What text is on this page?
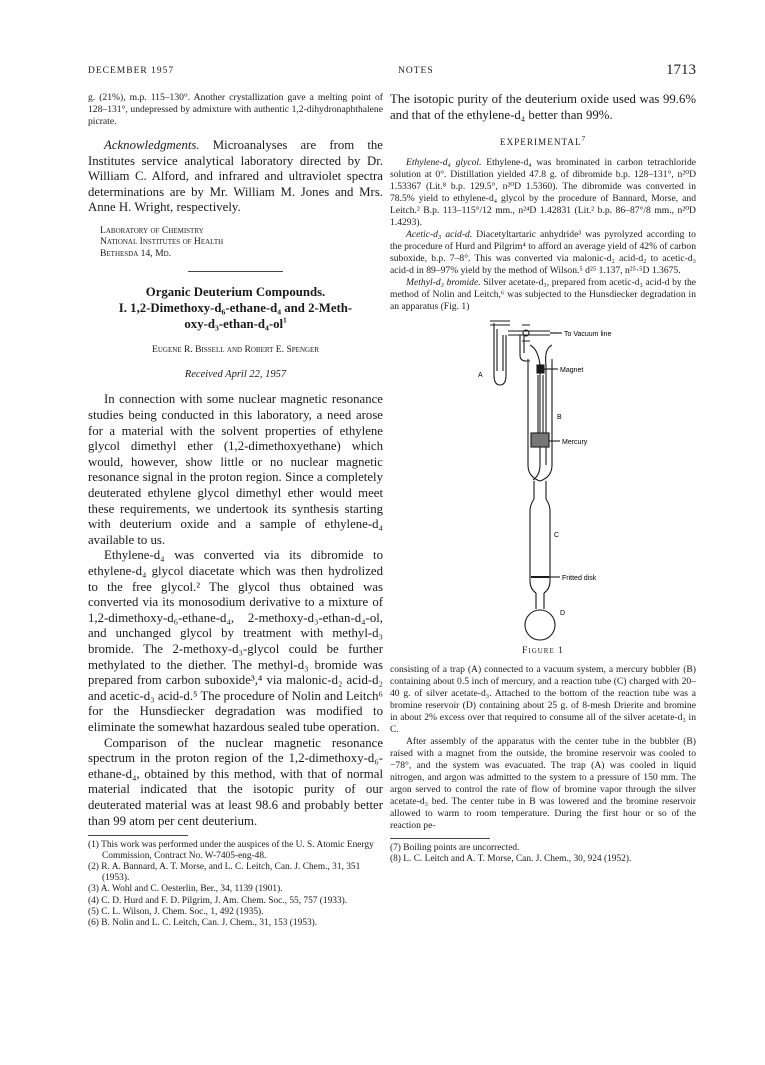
DECEMBER 1957	NOTES	1713

g. (21%), m.p. 115–130°. Another crystallization gave a melting point of 128–131°, undepressed by admixture with authentic 1,2-dihydronaphthalene picrate.

Acknowledgments. Microanalyses are from the Institutes service analytical laboratory directed by Dr. William C. Alford, and infrared and ultraviolet spectra determinations are by Mr. William M. Jones and Mrs. Anne H. Wright, respectively.

Laboratory of Chemistry
National Institutes of Health
Bethesda 14, Md.
Organic Deuterium Compounds.
I. 1,2-Dimethoxy-d₆-ethane-d₄ and 2-Meth-
oxy-$d_3-ethan-d_4-ol^1$
Eugene R. Bissell and Robert E. Spenger
Received April 22, 1957

In connection with some nuclear magnetic resonance studies being conducted in this laboratory, a need arose for a material with the solvent properties of ethylene glycol dimethyl ether (1,2-dimethoxyethane) which would, however, show little or no nuclear magnetic resonance signal in the proton region. Since a completely deuterated ethylene glycol dimethyl ether would meet these requirements, we undertook its synthesis starting with deuterium oxide and a sample of ethylene-d₄ available to us.

Ethylene-d₄ was converted via its dibromide to ethylene-d₄ glycol diacetate which was then hydrolized to the free glycol.² The glycol thus obtained was converted via its monosodium derivative to a mixture of 1,2-dimethoxy-d₆-ethane-d₄, 2-methoxy-d₃-ethan-d₄-ol, and unchanged glycol by treatment with methyl-d₃ bromide. The 2-methoxy-d₃-glycol could be further methylated to the diether. The methyl-d₃ bromide was prepared from carbon suboxide³,⁴ via malonic-d₂ acid-d₂ and acetic-d₃ acid-d.⁵ The procedure of Nolin and Leitch⁶ for the Hunsdiecker degradation was modified to eliminate the somewhat hazardous sealed tube operation.

Comparison of the nuclear magnetic resonance spectrum in the proton region of the 1,2-dimethoxy-d₆-ethane-d₄, obtained by this method, with that of normal material indicated that the isotopic purity of our deuterated material was at least 98.6 and probably better than 99 atom per cent deuterium.

(1) This work was performed under the auspices of the U. S. Atomic Energy Commission, Contract No. W-7405-eng-48.

(2) R. A. Bannard, A. T. Morse, and L. C. Leitch, Can. J. Chem., 31, 351 (1953).

(3) A. Wohl and C. Oesterlin, Ber., 34, 1139 (1901).

(4) C. D. Hurd and F. D. Pilgrim, J. Am. Chem. Soc., 55, 757 (1933).

(5) C. L. Wilson, J. Chem. Soc., 1, 492 (1935).

(6) B. Nolin and L. C. Leitch, Can. J. Chem., 31, 153 (1953).

The isotopic purity of the deuterium oxide used was 99.6% and that of the ethylene-d₄ better than 99%.

EXPERIMENTAL$^7$

Ethylene-d₄ glycol. Ethylene-d₄ was brominated in carbon tetrachloride solution at 0°. Distillation yielded 47.8 g. of dibromide b.p. 128–131°, n²⁰D 1.53367 (Lit.⁸ b.p. 129.5°, n²⁰D 1.5360). The dibromide was converted in 78.5% yield to ethylene-d₄ glycol by the procedure of Bannard, Morse, and Leitch.² B.p. 113–115°/12 mm., n²⁴D 1.42831 (Lit.² b.p. 86–87°/8 mm., n²⁰D 1.4293).

Acetic-d₃ acid-d. Diacetyltartaric anhydride³ was pyrolyzed according to the procedure of Hurd and Pilgrim⁴ to afford an average yield of 42% of carbon suboxide, b.p. 7–8°. This was converted via malonic-d₂ acid-d₂ to acetic-d₃ acid-d in 89–97% yield by the method of Wilson.⁵ d²⁵ 1.137, n²⁵·⁵D 1.3675.

Methyl-d₃ bromide. Silver acetate-d₃, prepared from acetic-d₃ acid-d by the method of Nolin and Leitch,⁶ was subjected to the Hunsdiecker degradation in an apparatus (Fig. 1)

To Vacuum line
Magnet
Mercury
Fritted disk
A
B
C
D
Figure 1

consisting of a trap (A) connected to a vacuum system, a mercury bubbler (B) containing about 0.5 inch of mercury, and a reaction tube (C) charged with 20–40 g. of silver acetate-d₃. Attached to the bottom of the reaction tube was a bromine reservoir (D) containing about 25 g. of 8-mesh Drierite and bromine in about 2% excess over that required to consume all of the silver acetate-d₃ in C.

After assembly of the apparatus with the center tube in the bubbler (B) raised with a magnet from the outside, the bromine reservoir was cooled to −78°, and the system was evacuated. The trap (A) was cooled in liquid nitrogen, and argon was admitted to the system to a pressure of 150 mm. The argon served to control the rate of flow of bromine vapor through the silver acetate-d₃ bed. The center tube in B was lowered and the bromine reservoir allowed to warm to room temperature. During the first hour or so of the reaction pe-

(7) Boiling points are uncorrected.

(8) L. C. Leitch and A. T. Morse, Can. J. Chem., 30, 924 (1952).
